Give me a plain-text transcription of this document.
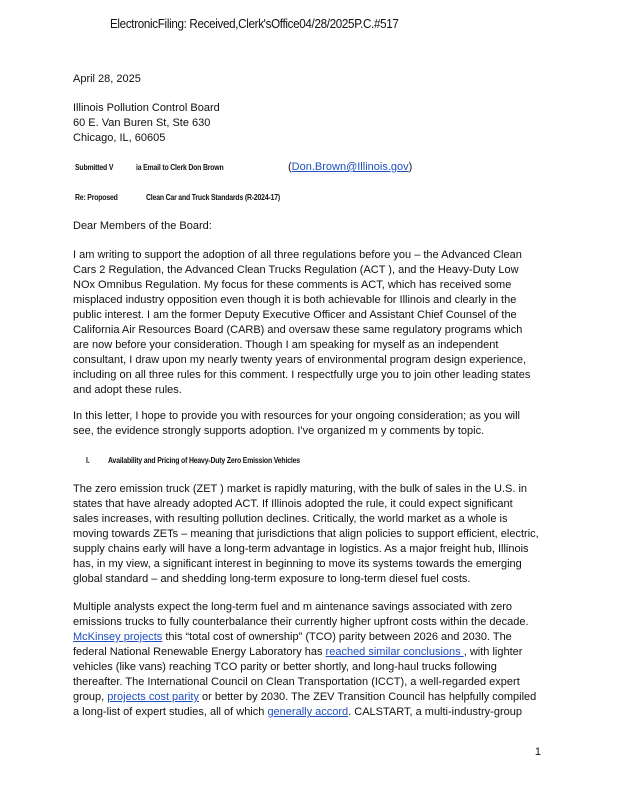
ElectronicFiling: Received,Clerk'sOffice04/28/2025P.C.#517
April 28, 2025
Illinois Pollution Control Board
60 E. Van Buren St, Ste 630
Chicago, IL, 60605
Submitted V	ia Email to Clerk Don Brown	(Don.Brown@Illinois.gov)
Re: Proposed	Clean Car and Truck Standards (R-2024-17)
Dear Members of the Board:
I am writing to support the adoption of all three regulations before you – the Advanced Clean
Cars 2 Regulation, the Advanced Clean Trucks Regulation (ACT ), and the Heavy-Duty Low
NOx Omnibus Regulation. My focus for these comments is ACT, which has received some
misplaced industry opposition even though it is both achievable for Illinois and clearly in the
public interest. I am the former Deputy Executive Officer and Assistant Chief Counsel of the
California Air Resources Board (CARB) and oversaw these same regulatory programs which
are now before your consideration. Though I am speaking for myself as an independent
consultant, I draw upon my nearly twenty years of environmental program design experience,
including on all three rules for this comment. I respectfully urge you to join other leading states
and adopt these rules.
In this letter, I hope to provide you with resources for your ongoing consideration; as you will
see, the evidence strongly supports adoption. I've organized m y comments by topic.
I. Availability and Pricing of Heavy-Duty Zero Emission Vehicles
The zero emission truck (ZET ) market is rapidly maturing, with the bulk of sales in the U.S. in
states that have already adopted ACT. If Illinois adopted the rule, it could expect significant
sales increases, with resulting pollution declines. Critically, the world market as a whole is
moving towards ZETs – meaning that jurisdictions that align policies to support efficient, electric,
supply chains early will have a long-term advantage in logistics. As a major freight hub, Illinois
has, in my view, a significant interest in beginning to move its systems towards the emerging
global standard – and shedding long-term exposure to long-term diesel fuel costs.
Multiple analysts expect the long-term fuel and m aintenance savings associated with zero
emissions trucks to fully counterbalance their currently higher upfront costs within the decade.
McKinsey projects this “total cost of ownership” (TCO) parity between 2026 and 2030. The
federal National Renewable Energy Laboratory has reached similar conclusions , with lighter
vehicles (like vans) reaching TCO parity or better shortly, and long-haul trucks following
thereafter. The International Council on Clean Transportation (ICCT), a well-regarded expert
group, projects cost parity or better by 2030. The ZEV Transition Council has helpfully compiled
a long-list of expert studies, all of which generally accord. CALSTART, a multi-industry-group
1
